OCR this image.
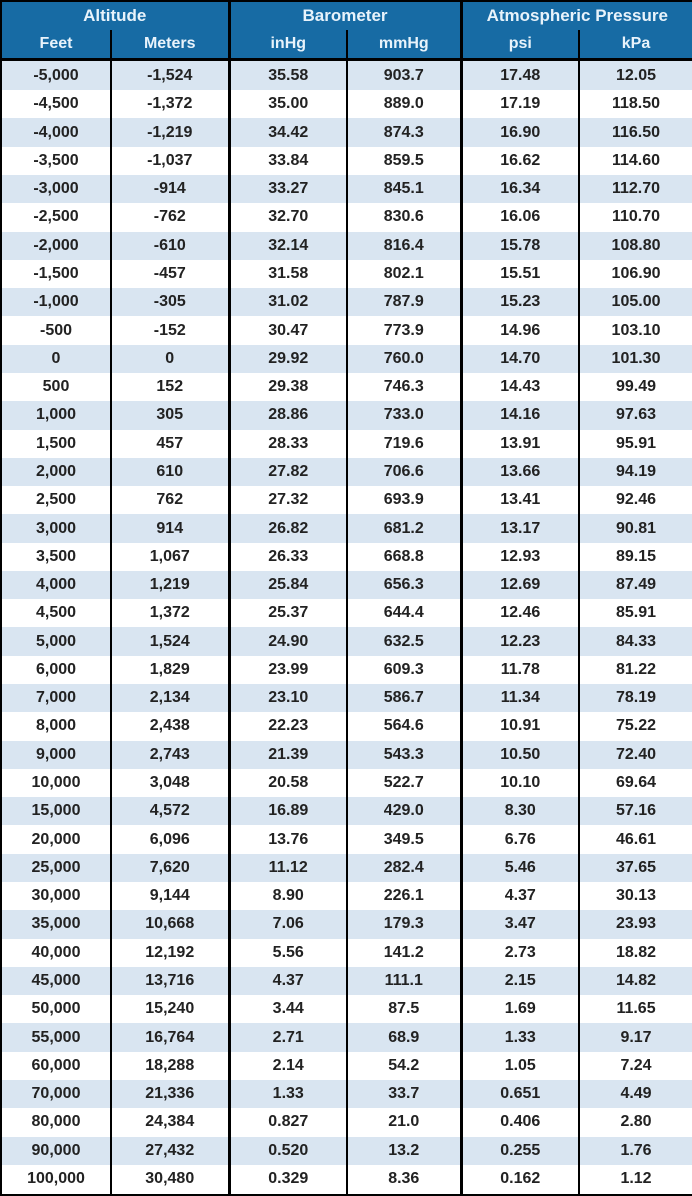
Altitude		Barometer		Atmospheric Pressure	
Feet	Meters	inHg	mmHg	psi	kPa
-5,000	-1,524	35.58	903.7	17.48	12.05
-4,500	-1,372	35.00	889.0	17.19	118.50
-4,000	-1,219	34.42	874.3	16.90	116.50
-3,500	-1,037	33.84	859.5	16.62	114.60
-3,000	-914	33.27	845.1	16.34	112.70
-2,500	-762	32.70	830.6	16.06	110.70
-2,000	-610	32.14	816.4	15.78	108.80
-1,500	-457	31.58	802.1	15.51	106.90
-1,000	-305	31.02	787.9	15.23	105.00
-500	-152	30.47	773.9	14.96	103.10
0	0	29.92	760.0	14.70	101.30
500	152	29.38	746.3	14.43	99.49
1,000	305	28.86	733.0	14.16	97.63
1,500	457	28.33	719.6	13.91	95.91
2,000	610	27.82	706.6	13.66	94.19
2,500	762	27.32	693.9	13.41	92.46
3,000	914	26.82	681.2	13.17	90.81
3,500	1,067	26.33	668.8	12.93	89.15
4,000	1,219	25.84	656.3	12.69	87.49
4,500	1,372	25.37	644.4	12.46	85.91
5,000	1,524	24.90	632.5	12.23	84.33
6,000	1,829	23.99	609.3	11.78	81.22
7,000	2,134	23.10	586.7	11.34	78.19
8,000	2,438	22.23	564.6	10.91	75.22
9,000	2,743	21.39	543.3	10.50	72.40
10,000	3,048	20.58	522.7	10.10	69.64
15,000	4,572	16.89	429.0	8.30	57.16
20,000	6,096	13.76	349.5	6.76	46.61
25,000	7,620	11.12	282.4	5.46	37.65
30,000	9,144	8.90	226.1	4.37	30.13
35,000	10,668	7.06	179.3	3.47	23.93
40,000	12,192	5.56	141.2	2.73	18.82
45,000	13,716	4.37	111.1	2.15	14.82
50,000	15,240	3.44	87.5	1.69	11.65
55,000	16,764	2.71	68.9	1.33	9.17
60,000	18,288	2.14	54.2	1.05	7.24
70,000	21,336	1.33	33.7	0.651	4.49
80,000	24,384	0.827	21.0	0.406	2.80
90,000	27,432	0.520	13.2	0.255	1.76
100,000	30,480	0.329	8.36	0.162	1.12
